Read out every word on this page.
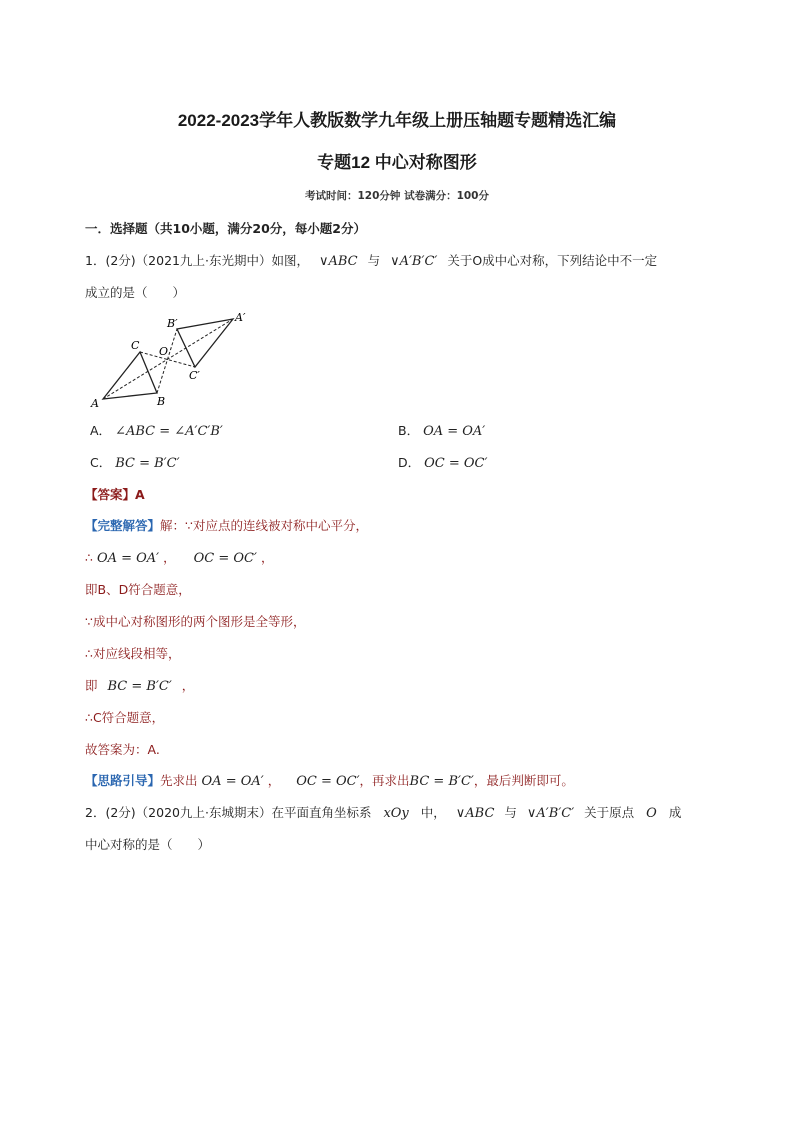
2022-2023学年人教版数学九年级上册压轴题专题精选汇编
专题12 中心对称图形
考试时间：120分钟 试卷满分：100分
一．选择题（共10小题，满分20分，每小题2分）
1．(2分)（2021九上·东光期中）如图， ∨ABC 与 ∨A′B′C′ 关于O成中心对称，下列结论中不一定
成立的是（　　）
A	B
C O
A′
B′
C′
A． ∠ABC = ∠A′C′B′	B． OA = OA′
C． BC = B′C′	D． OC = OC′
【答案】A
【完整解答】解：∵对应点的连线被对称中心平分，
∴ OA = OA′ ， OC = OC′ ，
即B、D符合题意，
∵成中心对称图形的两个图形是全等形，
∴对应线段相等，
即 BC = B′C′ ，
∴C符合题意，
故答案为：A.
【思路引导】先求出 OA = OA′ ， OC = OC′，再求出BC = B′C′，最后判断即可。
2．(2分)（2020九上·东城期末）在平面直角坐标系 xOy 中， ∨ABC 与 ∨A′B′C′ 关于原点 O 成
中心对称的是（　　）
